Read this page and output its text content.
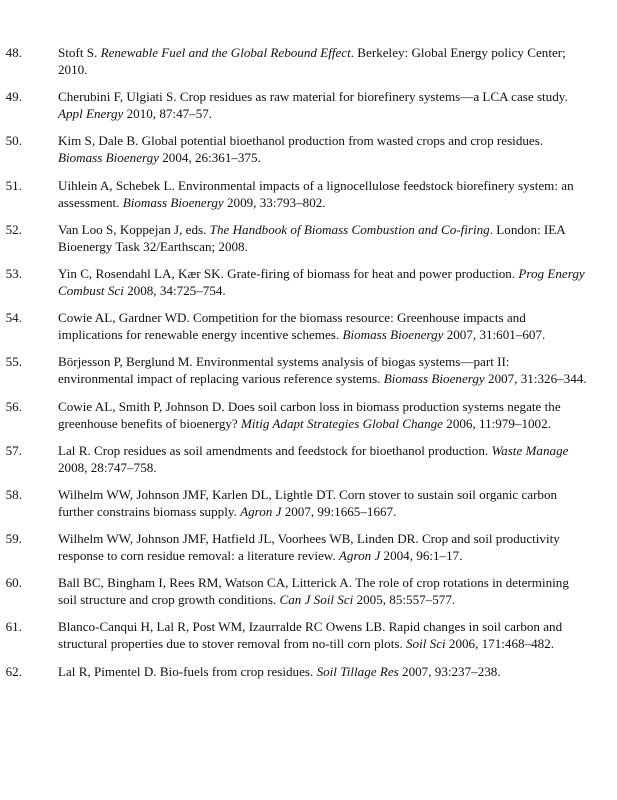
48.	Stoft S. Renewable Fuel and the Global Rebound Effect. Berkeley: Global Energy policy Center; 2010.
49.	Cherubini F, Ulgiati S. Crop residues as raw material for biorefinery systems—a LCA case study. Appl Energy 2010, 87:47–57.
50.	Kim S, Dale B. Global potential bioethanol production from wasted crops and crop residues. Biomass Bioenergy 2004, 26:361–375.
51.	Uihlein A, Schebek L. Environmental impacts of a lignocellulose feedstock biorefinery system: an assessment. Biomass Bioenergy 2009, 33:793–802.
52.	Van Loo S, Koppejan J, eds. The Handbook of Biomass Combustion and Co-firing. London: IEA Bioenergy Task 32/Earthscan; 2008.
53.	Yin C, Rosendahl LA, Kær SK. Grate-firing of biomass for heat and power production. Prog Energy Combust Sci 2008, 34:725–754.
54.	Cowie AL, Gardner WD. Competition for the biomass resource: Greenhouse impacts and implications for renewable energy incentive schemes. Biomass Bioenergy 2007, 31:601–607.
55.	Börjesson P, Berglund M. Environmental systems analysis of biogas systems—part II: environmental impact of replacing various reference systems. Biomass Bioenergy 2007, 31:326–344.
56.	Cowie AL, Smith P, Johnson D. Does soil carbon loss in biomass production systems negate the greenhouse benefits of bioenergy? Mitig Adapt Strategies Global Change 2006, 11:979–1002.
57.	Lal R. Crop residues as soil amendments and feedstock for bioethanol production. Waste Manage 2008, 28:747–758.
58.	Wilhelm WW, Johnson JMF, Karlen DL, Lightle DT. Corn stover to sustain soil organic carbon further constrains biomass supply. Agron J 2007, 99:1665–1667.
59.	Wilhelm WW, Johnson JMF, Hatfield JL, Voorhees WB, Linden DR. Crop and soil productivity response to corn residue removal: a literature review. Agron J 2004, 96:1–17.
60.	Ball BC, Bingham I, Rees RM, Watson CA, Litterick A. The role of crop rotations in determining soil structure and crop growth conditions. Can J Soil Sci 2005, 85:557–577.
61.	Blanco-Canqui H, Lal R, Post WM, Izaurralde RC Owens LB. Rapid changes in soil carbon and structural properties due to stover removal from no-till corn plots. Soil Sci 2006, 171:468–482.
62.	Lal R, Pimentel D. Bio-fuels from crop residues. Soil Tillage Res 2007, 93:237–238.
